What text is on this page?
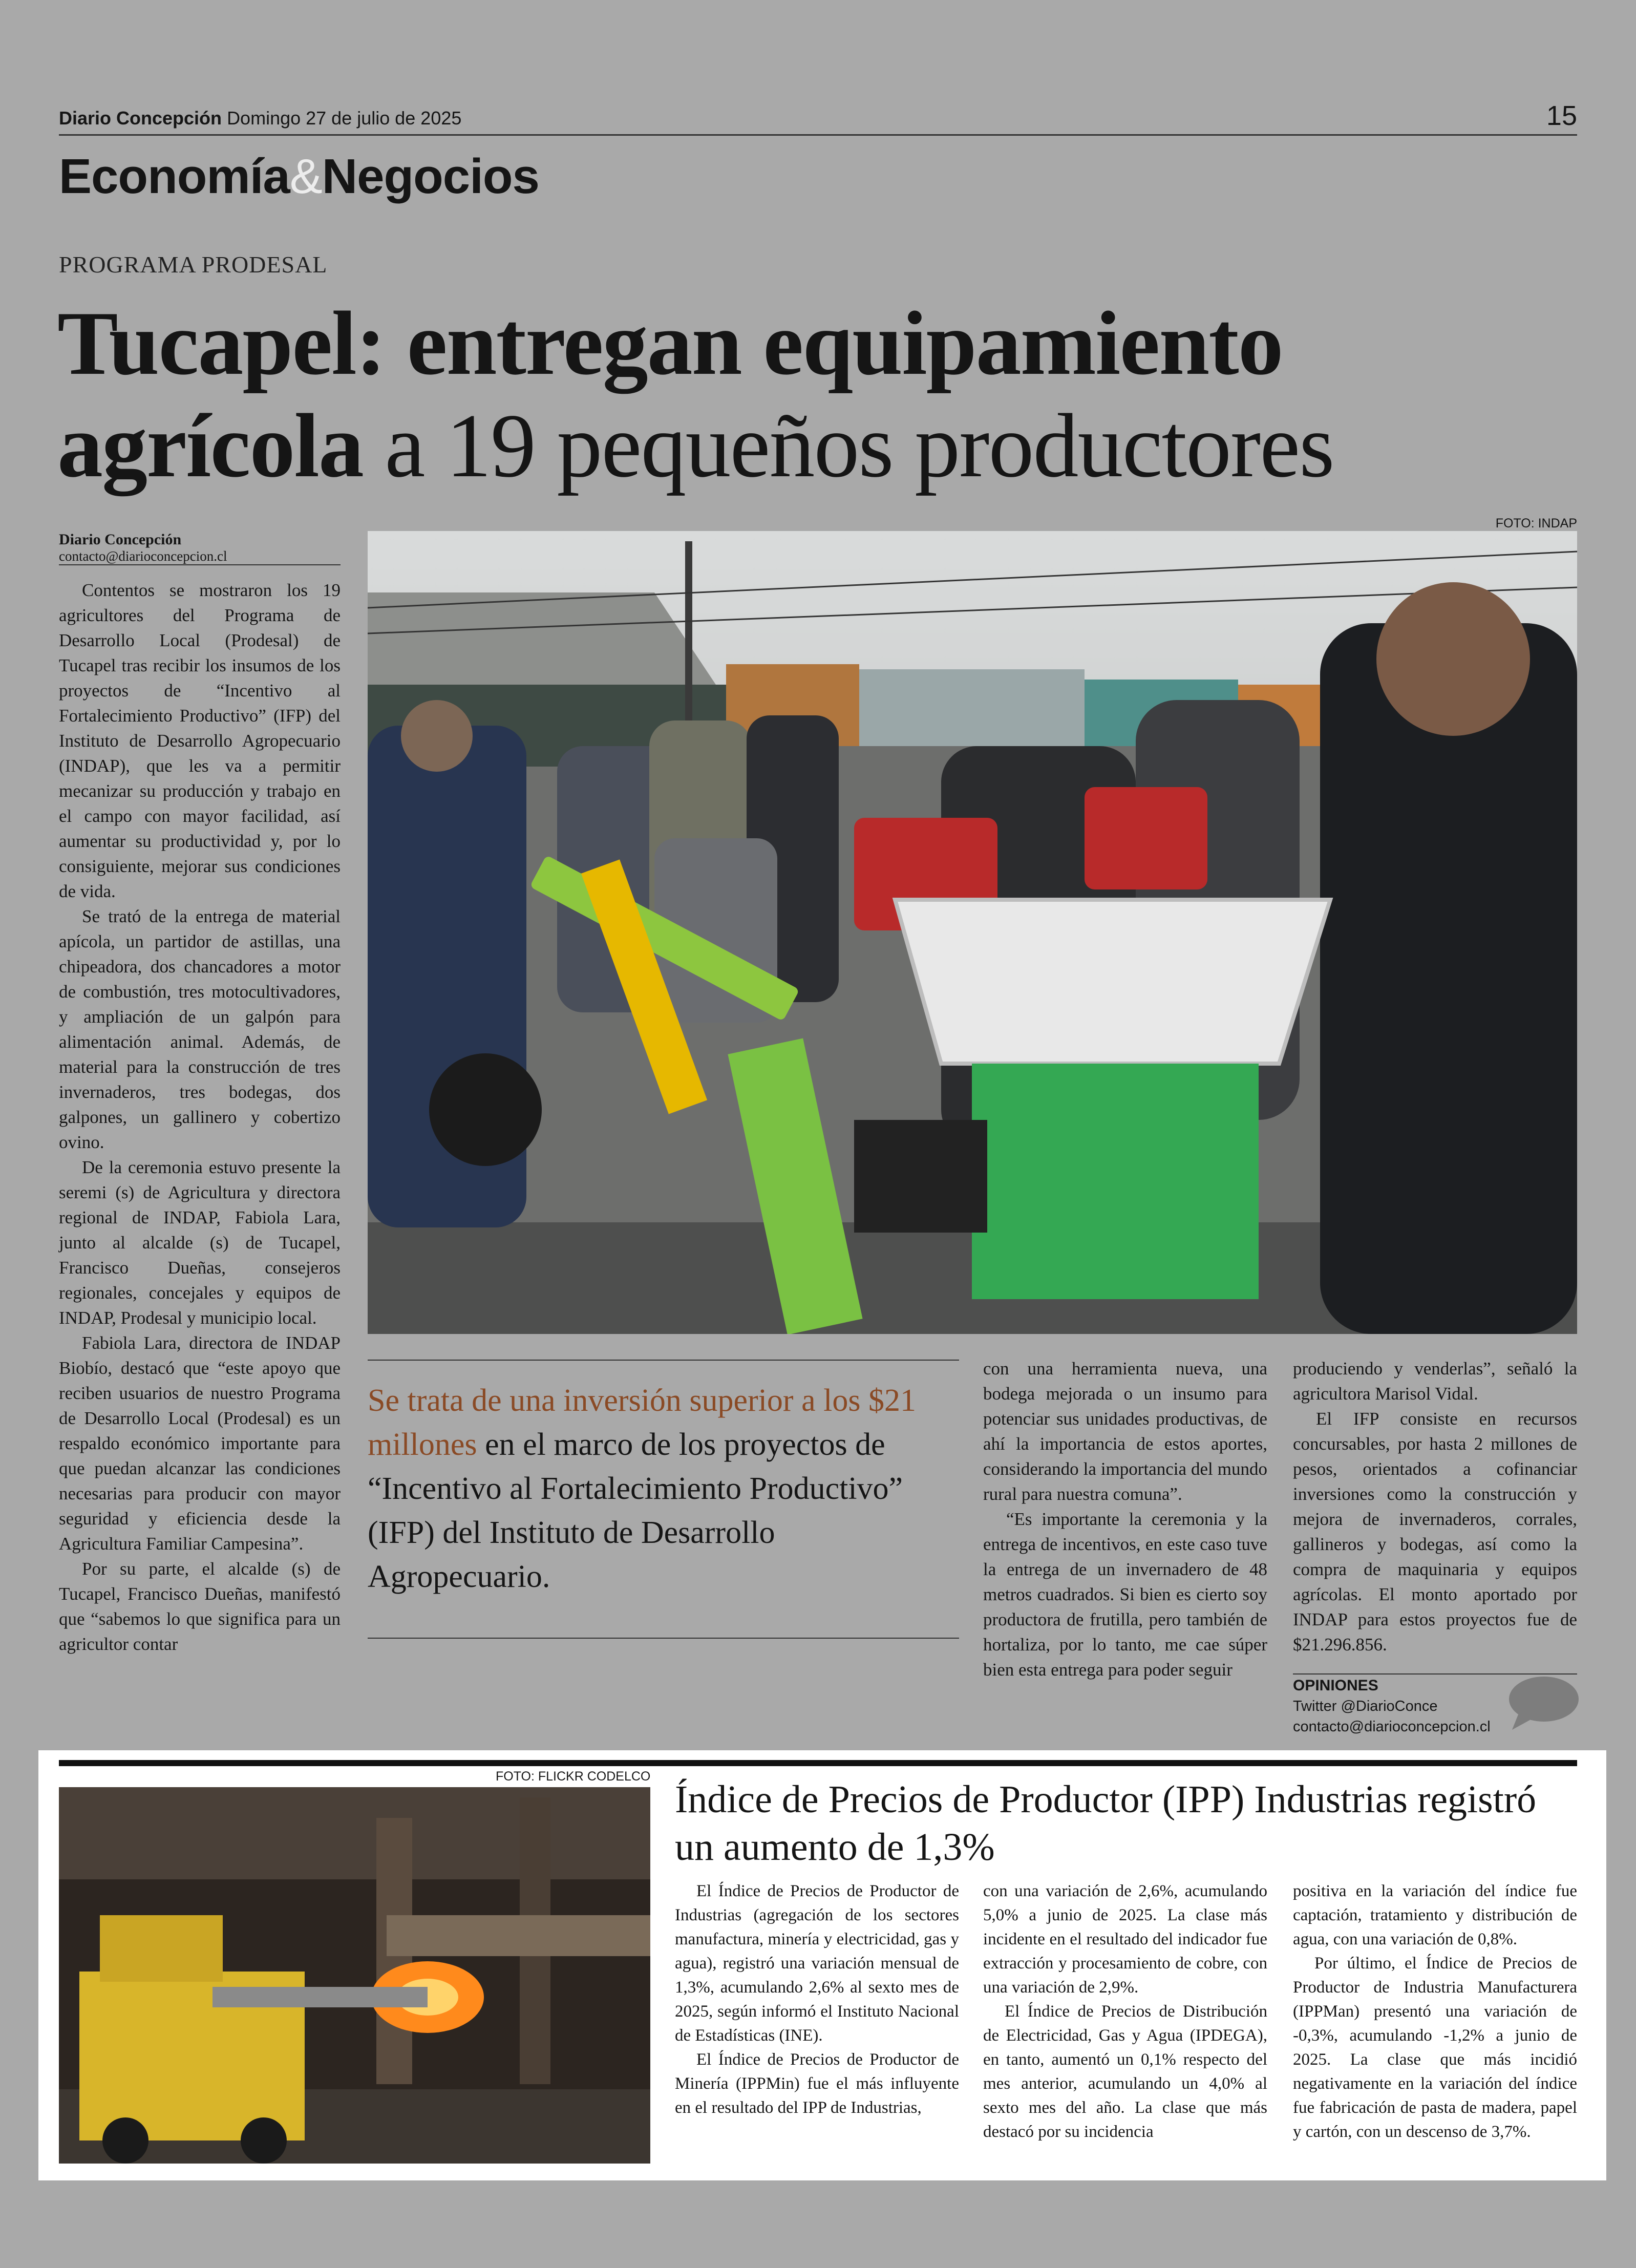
Diario Concepción Domingo 27 de julio de 2025	15
Economía&Negocios
PROGRAMA PRODESAL
Tucapel: entregan equipamiento agrícola a 19 pequeños productores
Diario Concepción
contacto@diarioconcepcion.cl

Contentos se mostraron los 19 agricultores del Programa de Desarrollo Local (Prodesal) de Tucapel tras recibir los insumos de los proyectos de “Incentivo al Fortalecimiento Productivo” (IFP) del Instituto de Desarrollo Agropecuario (INDAP), que les va a permitir mecanizar su producción y trabajo en el campo con mayor facilidad, así aumentar su productividad y, por lo consiguiente, mejorar sus condiciones de vida.

Se trató de la entrega de material apícola, un partidor de astillas, una chipeadora, dos chancadores a motor de combustión, tres motocultivadores, y ampliación de un galpón para alimentación animal. Además, de material para la construcción de tres invernaderos, tres bodegas, dos galpones, un gallinero y cobertizo ovino.

De la ceremonia estuvo presente la seremi (s) de Agricultura y directora regional de INDAP, Fabiola Lara, junto al alcalde (s) de Tucapel, Francisco Dueñas, consejeros regionales, concejales y equipos de INDAP, Prodesal y municipio local.

Fabiola Lara, directora de INDAP Biobío, destacó que “este apoyo que reciben usuarios de nuestro Programa de Desarrollo Local (Prodesal) es un respaldo económico importante para que puedan alcanzar las condiciones necesarias para producir con mayor seguridad y eficiencia desde la Agricultura Familiar Campesina”.

Por su parte, el alcalde (s) de Tucapel, Francisco Dueñas, manifestó que “sabemos lo que significa para un agricultor contar

FOTO: INDAP
Se trata de una inversión superior a los $21 millones en el marco de los proyectos de “Incentivo al Fortalecimiento Productivo” (IFP) del Instituto de Desarrollo Agropecuario.

con una herramienta nueva, una bodega mejorada o un insumo para potenciar sus unidades productivas, de ahí la importancia de estos aportes, considerando la importancia del mundo rural para nuestra comuna”.

“Es importante la ceremonia y la entrega de incentivos, en este caso tuve la entrega de un invernadero de 48 metros cuadrados. Si bien es cierto soy productora de frutilla, pero también de hortaliza, por lo tanto, me cae súper bien esta entrega para poder seguir

produciendo y venderlas”, señaló la agricultora Marisol Vidal.

El IFP consiste en recursos concursables, por hasta 2 millones de pesos, orientados a cofinanciar inversiones como la construcción y mejora de invernaderos, corrales, gallineros y bodegas, así como la compra de maquinaria y equipos agrícolas. El monto aportado por INDAP para estos proyectos fue de $21.296.856.

OPINIONES
Twitter @DiarioConce
contacto@diarioconcepcion.cl
FOTO: FLICKR CODELCO
Índice de Precios de Productor (IPP) Industrias registró un aumento de 1,3%

El Índice de Precios de Productor de Industrias (agregación de los sectores manufactura, minería y electricidad, gas y agua), registró una variación mensual de 1,3%, acumulando 2,6% al sexto mes de 2025, según informó el Instituto Nacional de Estadísticas (INE).

El Índice de Precios de Productor de Minería (IPPMin) fue el más influyente en el resultado del IPP de Industrias,

con una variación de 2,6%, acumulando 5,0% a junio de 2025. La clase más incidente en el resultado del indicador fue extracción y procesamiento de cobre, con una variación de 2,9%.

El Índice de Precios de Distribución de Electricidad, Gas y Agua (IPDEGA), en tanto, aumentó un 0,1% respecto del mes anterior, acumulando un 4,0% al sexto mes del año. La clase que más destacó por su incidencia

positiva en la variación del índice fue captación, tratamiento y distribución de agua, con una variación de 0,8%.

Por último, el Índice de Precios de Productor de Industria Manufacturera (IPPMan) presentó una variación de -0,3%, acumulando -1,2% a junio de 2025. La clase que más incidió negativamente en la variación del índice fue fabricación de pasta de madera, papel y cartón, con un descenso de 3,7%.
